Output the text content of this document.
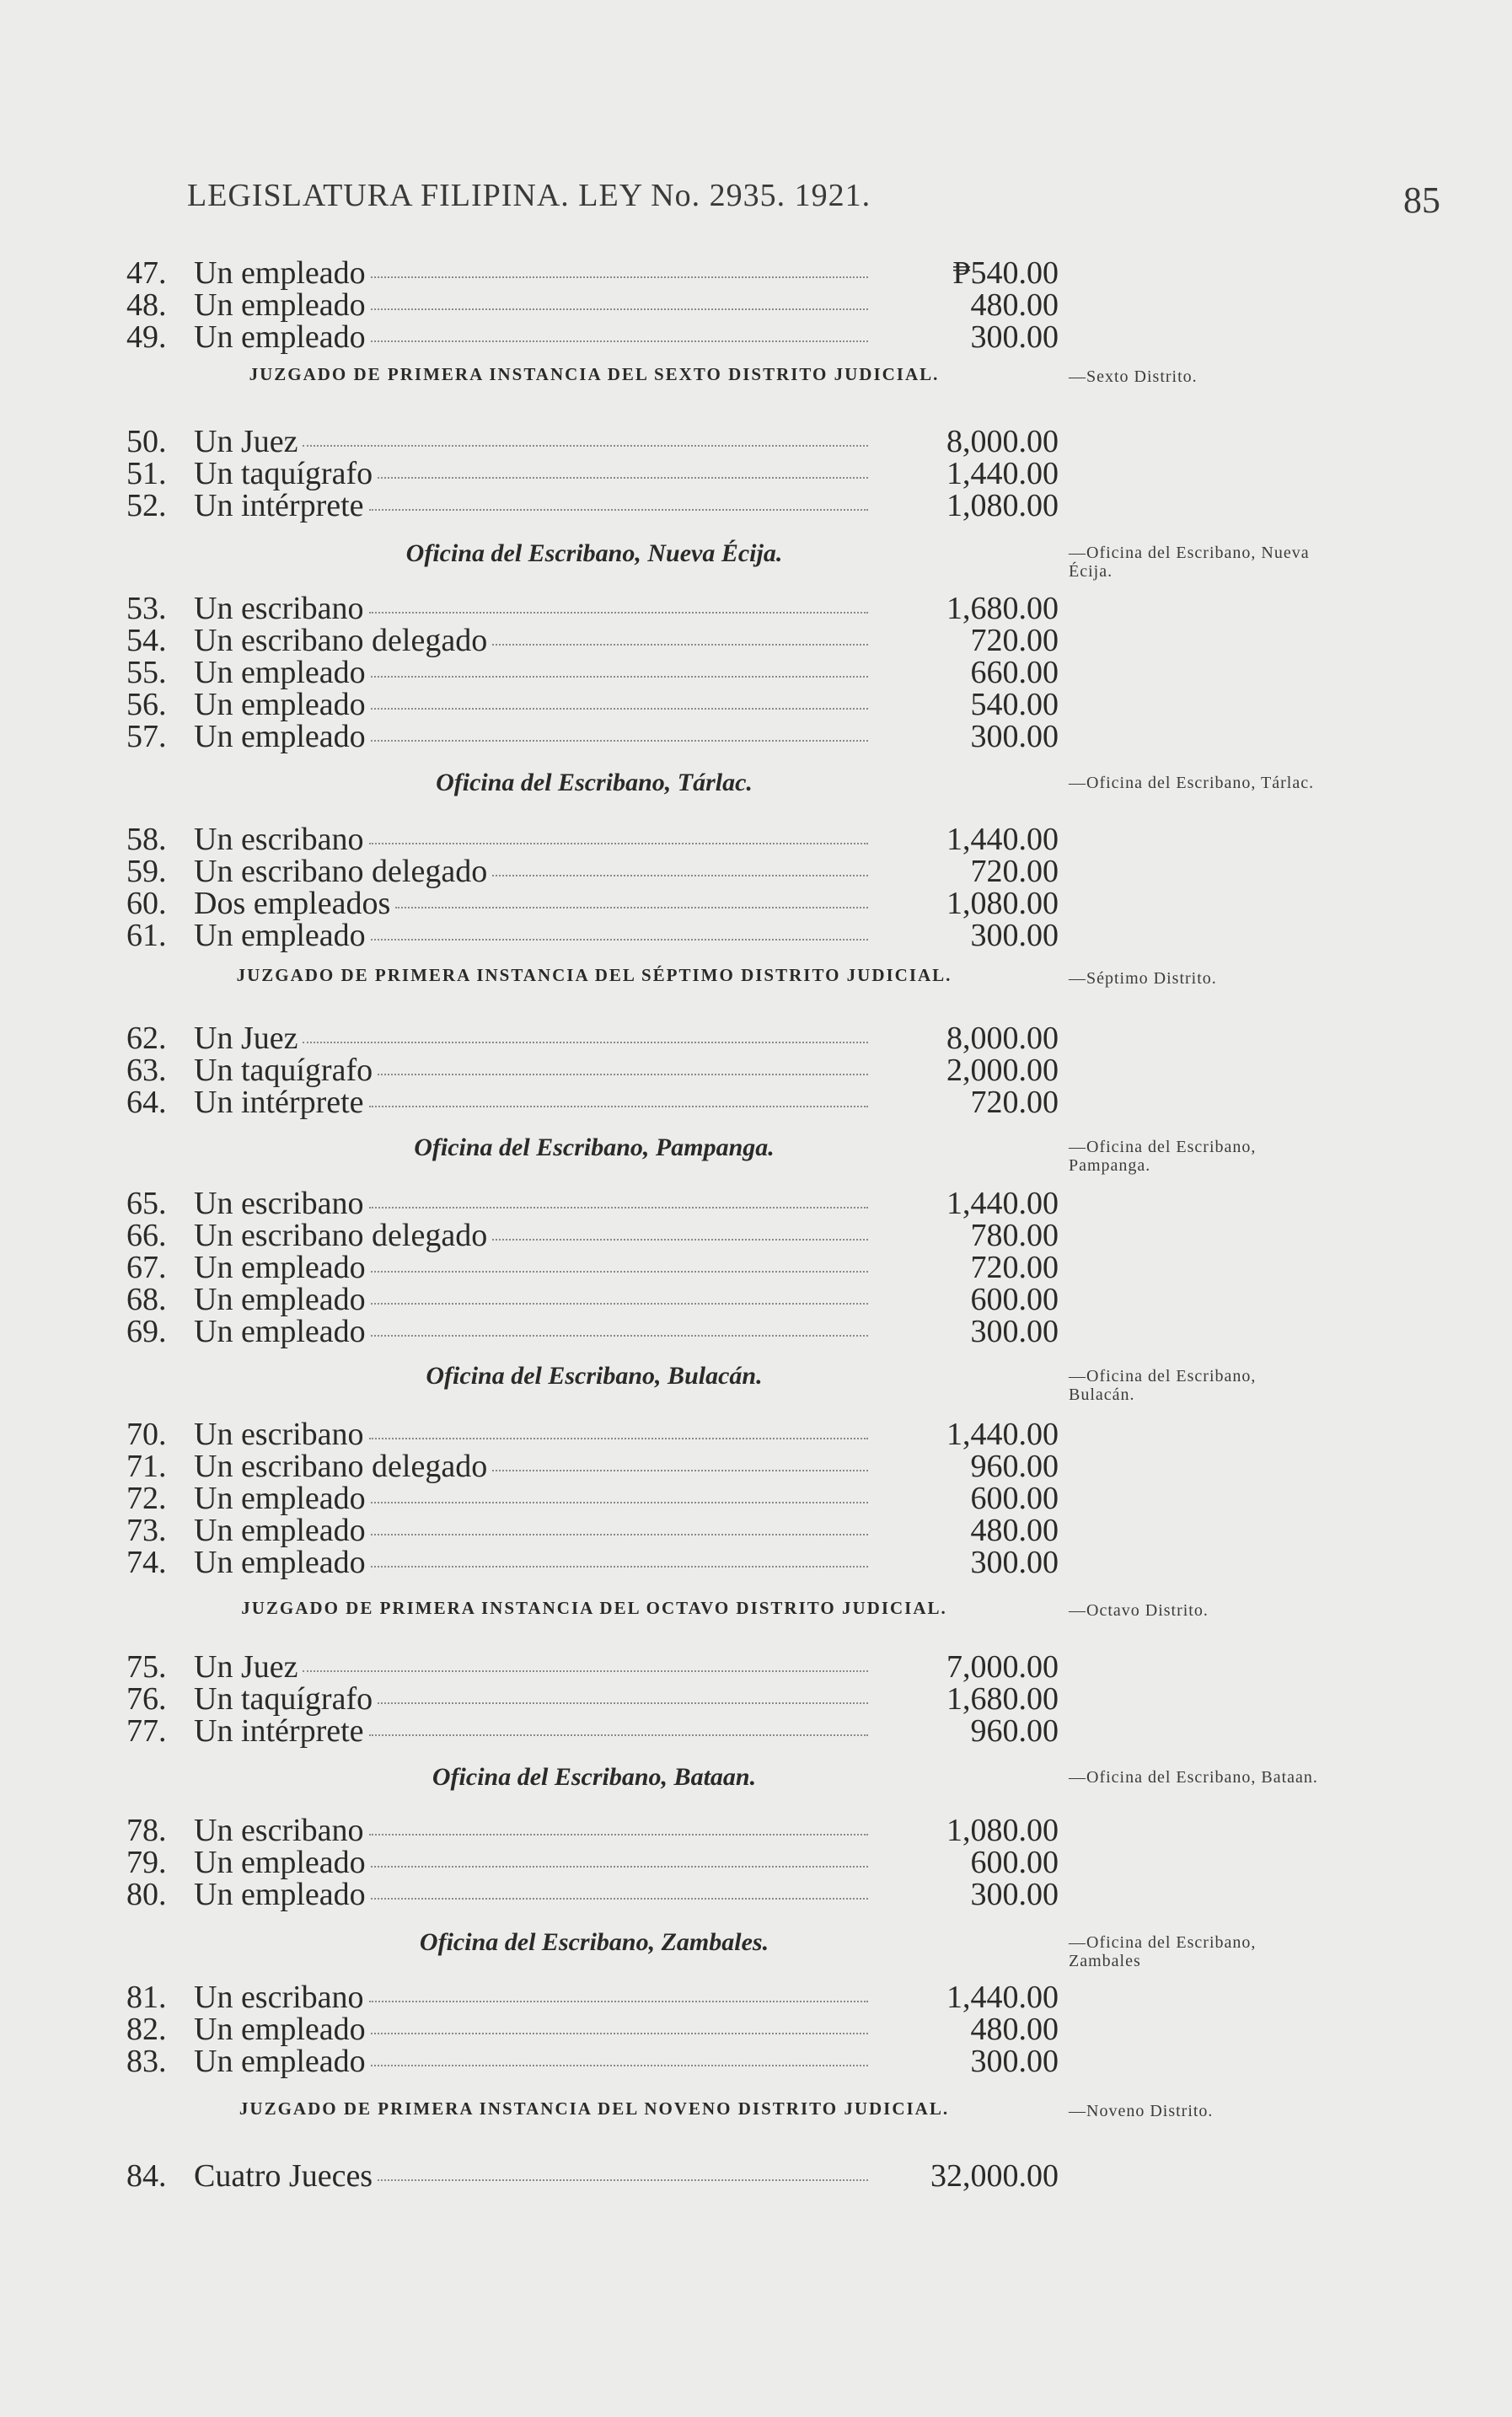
LEGISLATURA FILIPINA. LEY No. 2935. 1921.	85
47. Un empleado	₱540.00
48. Un empleado	480.00
49. Un empleado	300.00
JUZGADO DE PRIMERA INSTANCIA DEL SEXTO DISTRITO JUDICIAL.	—Sexto Distrito.
50. Un Juez	8,000.00
51. Un taquígrafo	1,440.00
52. Un intérprete	1,080.00
Oficina del Escribano, Nueva Écija.	—Oficina del Escribano, Nueva Écija.
53. Un escribano	1,680.00
54. Un escribano delegado	720.00
55. Un empleado	660.00
56. Un empleado	540.00
57. Un empleado	300.00
Oficina del Escribano, Tárlac.	—Oficina del Escribano, Tárlac.
58. Un escribano	1,440.00
59. Un escribano delegado	720.00
60. Dos empleados	1,080.00
61. Un empleado	300.00
JUZGADO DE PRIMERA INSTANCIA DEL SÉPTIMO DISTRITO JUDICIAL.	—Séptimo Distrito.
62. Un Juez	8,000.00
63. Un taquígrafo	2,000.00
64. Un intérprete	720.00
Oficina del Escribano, Pampanga.	—Oficina del Escribano, Pampanga.
65. Un escribano	1,440.00
66. Un escribano delegado	780.00
67. Un empleado	720.00
68. Un empleado	600.00
69. Un empleado	300.00
Oficina del Escribano, Bulacán.	—Oficina del Escribano, Bulacán.
70. Un escribano	1,440.00
71. Un escribano delegado	960.00
72. Un empleado	600.00
73. Un empleado	480.00
74. Un empleado	300.00
JUZGADO DE PRIMERA INSTANCIA DEL OCTAVO DISTRITO JUDICIAL.	—Octavo Distrito.
75. Un Juez	7,000.00
76. Un taquígrafo	1,680.00
77. Un intérprete	960.00
Oficina del Escribano, Bataan.	—Oficina del Escribano, Bataan.
78. Un escribano	1,080.00
79. Un empleado	600.00
80. Un empleado	300.00
Oficina del Escribano, Zambales.	—Oficina del Escribano, Zambales
81. Un escribano	1,440.00
82. Un empleado	480.00
83. Un empleado	300.00
JUZGADO DE PRIMERA INSTANCIA DEL NOVENO DISTRITO JUDICIAL.	—Noveno Distrito.
84. Cuatro Jueces	32,000.00
